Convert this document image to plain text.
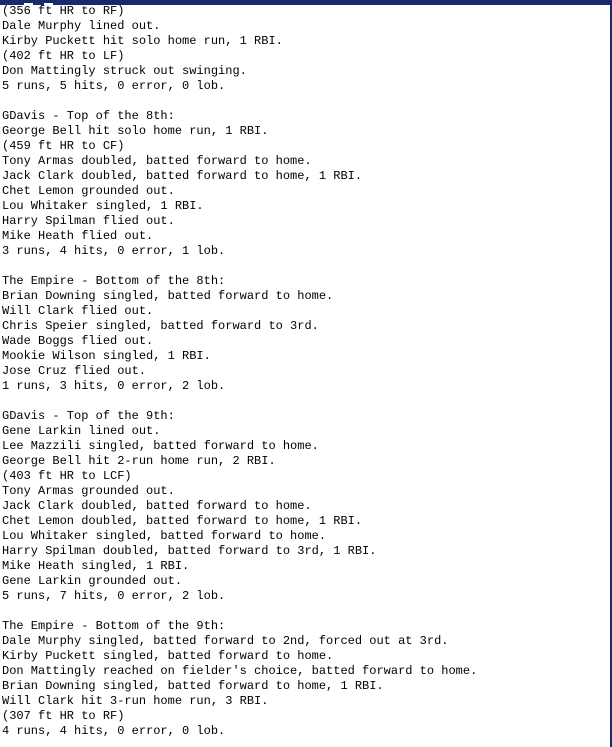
(356 ft HR to RF)
Dale Murphy lined out.
Kirby Puckett hit solo home run, 1 RBI.
(402 ft HR to LF)
Don Mattingly struck out swinging.
5 runs, 5 hits, 0 error, 0 lob.

GDavis - Top of the 8th:
George Bell hit solo home run, 1 RBI.
(459 ft HR to CF)
Tony Armas doubled, batted forward to home.
Jack Clark doubled, batted forward to home, 1 RBI.
Chet Lemon grounded out.
Lou Whitaker singled, 1 RBI.
Harry Spilman flied out.
Mike Heath flied out.
3 runs, 4 hits, 0 error, 1 lob.

The Empire - Bottom of the 8th:
Brian Downing singled, batted forward to home.
Will Clark flied out.
Chris Speier singled, batted forward to 3rd.
Wade Boggs flied out.
Mookie Wilson singled, 1 RBI.
Jose Cruz flied out.
1 runs, 3 hits, 0 error, 2 lob.

GDavis - Top of the 9th:
Gene Larkin lined out.
Lee Mazzili singled, batted forward to home.
George Bell hit 2-run home run, 2 RBI.
(403 ft HR to LCF)
Tony Armas grounded out.
Jack Clark doubled, batted forward to home.
Chet Lemon doubled, batted forward to home, 1 RBI.
Lou Whitaker singled, batted forward to home.
Harry Spilman doubled, batted forward to 3rd, 1 RBI.
Mike Heath singled, 1 RBI.
Gene Larkin grounded out.
5 runs, 7 hits, 0 error, 2 lob.

The Empire - Bottom of the 9th:
Dale Murphy singled, batted forward to 2nd, forced out at 3rd.
Kirby Puckett singled, batted forward to home.
Don Mattingly reached on fielder's choice, batted forward to home.
Brian Downing singled, batted forward to home, 1 RBI.
Will Clark hit 3-run home run, 3 RBI.
(307 ft HR to RF)
4 runs, 4 hits, 0 error, 0 lob.
